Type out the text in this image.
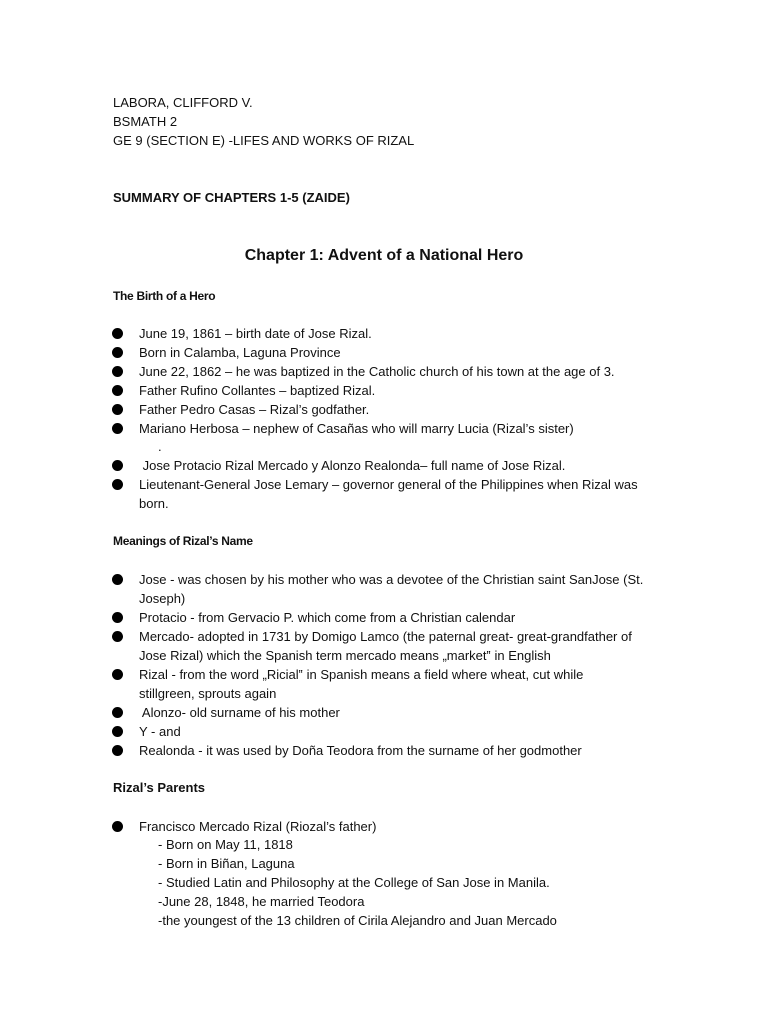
LABORA, CLIFFORD V.
BSMATH 2
GE 9 (SECTION E) -LIFES AND WORKS OF RIZAL
SUMMARY OF CHAPTERS 1-5 (ZAIDE)
Chapter 1: Advent of a National Hero
The Birth of a Hero
June 19, 1861 – birth date of Jose Rizal.
Born in Calamba, Laguna Province
June 22, 1862 – he was baptized in the Catholic church of his town at the age of 3.
Father Rufino Collantes – baptized Rizal.
Father Pedro Casas – Rizal’s godfather.
Mariano Herbosa – nephew of Casañas who will marry Lucia (Rizal’s sister)
.
Jose Protacio Rizal Mercado y Alonzo Realonda– full name of Jose Rizal.
Lieutenant-General Jose Lemary – governor general of the Philippines when Rizal was born.
Meanings of Rizal’s Name
Jose - was chosen by his mother who was a devotee of the Christian saint SanJose (St. Joseph)
Protacio - from Gervacio P. which come from a Christian calendar
Mercado- adopted in 1731 by Domigo Lamco (the paternal great- great-grandfather of Jose Rizal) which the Spanish term mercado means „market‟ in English
Rizal - from the word „Ricial‟ in Spanish means a field where wheat, cut while stillgreen, sprouts again
Alonzo- old surname of his mother
Y - and
Realonda - it was used by Doña Teodora from the surname of her godmother
Rizal’s Parents
Francisco Mercado Rizal (Riozal’s father)
- Born on May 11, 1818
- Born in Biñan, Laguna
- Studied Latin and Philosophy at the College of San Jose in Manila.
-June 28, 1848, he married Teodora
-the youngest of the 13 children of Cirila Alejandro and Juan Mercado
